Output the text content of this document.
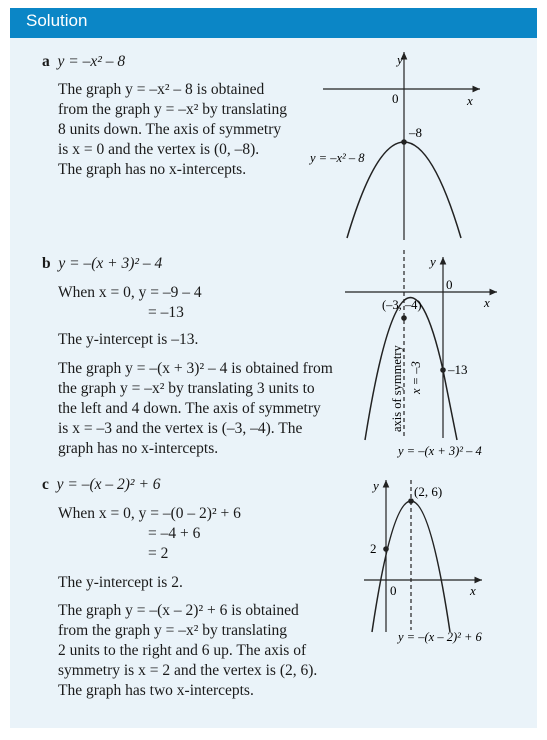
Solution
a y = –x² – 8
The graph y = –x² – 8 is obtained
from the graph y = –x² by translating
8 units down. The axis of symmetry
is x = 0 and the vertex is (0, –8).
The graph has no x-intercepts.
b y = –(x + 3)² – 4
When x = 0, y = –9 – 4
= –13
The y-intercept is –13.
The graph y = –(x + 3)² – 4 is obtained from
the graph y = –x² by translating 3 units to
the left and 4 down. The axis of symmetry
is x = –3 and the vertex is (–3, –4). The
graph has no x-intercepts.
c y = –(x – 2)² + 6
When x = 0, y = –(0 – 2)² + 6
= –4 + 6
= 2
The y-intercept is 2.
The graph y = –(x – 2)² + 6 is obtained
from the graph y = –x² by translating
2 units to the right and 6 up. The axis of
symmetry is x = 2 and the vertex is (2, 6).
The graph has two x-intercepts.
y
x
0
–8
y = –x² – 8
y
x
0
(–3, –4)
–13
axis of symmetry x = –3
y = –(x + 3)² – 4
y
x
0
(2, 6)
2
y = –(x – 2)² + 6
